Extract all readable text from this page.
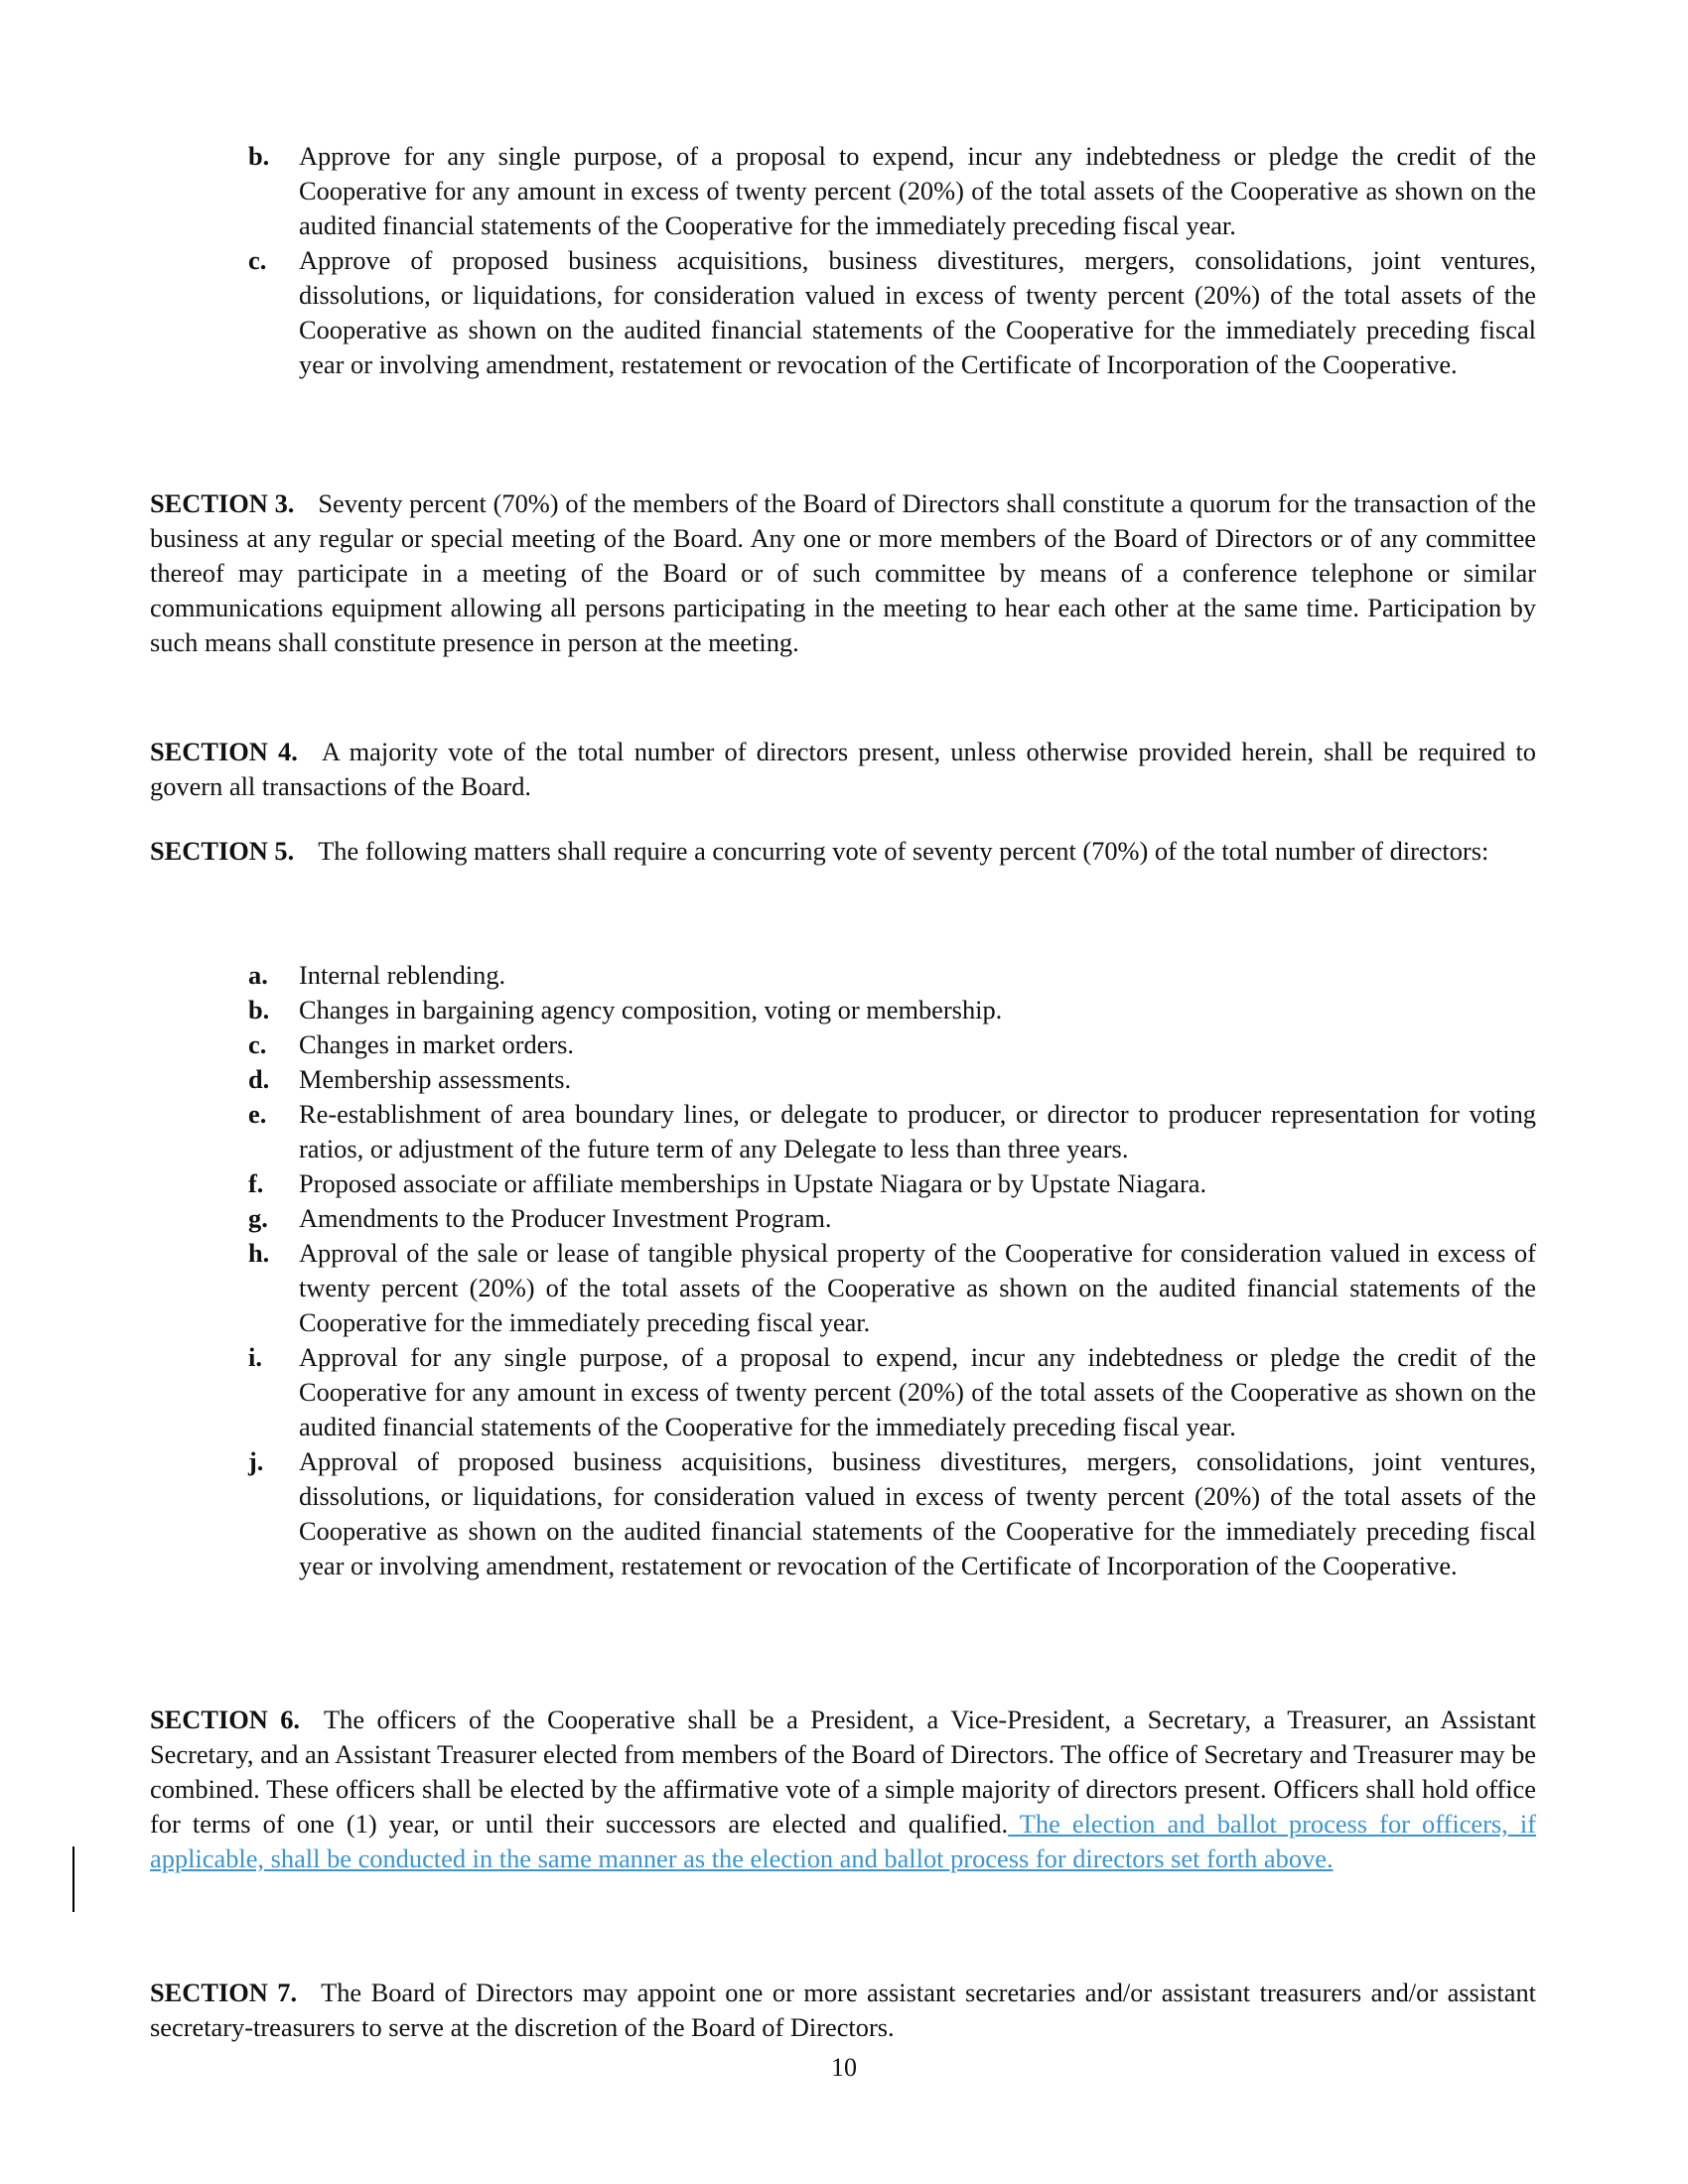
b. Approve for any single purpose, of a proposal to expend, incur any indebtedness or pledge the credit of the Cooperative for any amount in excess of twenty percent (20%) of the total assets of the Cooperative as shown on the audited financial statements of the Cooperative for the immediately preceding fiscal year.

c. Approve of proposed business acquisitions, business divestitures, mergers, consolidations, joint ventures, dissolutions, or liquidations, for consideration valued in excess of twenty percent (20%) of the total assets of the Cooperative as shown on the audited financial statements of the Cooperative for the immediately preceding fiscal year or involving amendment, restatement or revocation of the Certificate of Incorporation of the Cooperative.

SECTION 3. Seventy percent (70%) of the members of the Board of Directors shall constitute a quorum for the transaction of the business at any regular or special meeting of the Board. Any one or more members of the Board of Directors or of any committee thereof may participate in a meeting of the Board or of such committee by means of a conference telephone or similar communications equipment allowing all persons participating in the meeting to hear each other at the same time. Participation by such means shall constitute presence in person at the meeting.

SECTION 4. A majority vote of the total number of directors present, unless otherwise provided herein, shall be required to govern all transactions of the Board.

SECTION 5. The following matters shall require a concurring vote of seventy percent (70%) of the total number of directors:

a. Internal reblending.

b. Changes in bargaining agency composition, voting or membership.

c. Changes in market orders.

d. Membership assessments.

e. Re-establishment of area boundary lines, or delegate to producer, or director to producer representation for voting ratios, or adjustment of the future term of any Delegate to less than three years.

f. Proposed associate or affiliate memberships in Upstate Niagara or by Upstate Niagara.

g. Amendments to the Producer Investment Program.

h. Approval of the sale or lease of tangible physical property of the Cooperative for consideration valued in excess of twenty percent (20%) of the total assets of the Cooperative as shown on the audited financial statements of the Cooperative for the immediately preceding fiscal year.

i. Approval for any single purpose, of a proposal to expend, incur any indebtedness or pledge the credit of the Cooperative for any amount in excess of twenty percent (20%) of the total assets of the Cooperative as shown on the audited financial statements of the Cooperative for the immediately preceding fiscal year.

j. Approval of proposed business acquisitions, business divestitures, mergers, consolidations, joint ventures, dissolutions, or liquidations, for consideration valued in excess of twenty percent (20%) of the total assets of the Cooperative as shown on the audited financial statements of the Cooperative for the immediately preceding fiscal year or involving amendment, restatement or revocation of the Certificate of Incorporation of the Cooperative.

SECTION 6. The officers of the Cooperative shall be a President, a Vice-President, a Secretary, a Treasurer, an Assistant Secretary, and an Assistant Treasurer elected from members of the Board of Directors. The office of Secretary and Treasurer may be combined. These officers shall be elected by the affirmative vote of a simple majority of directors present. Officers shall hold office for terms of one (1) year, or until their successors are elected and qualified. The election and ballot process for officers, if applicable, shall be conducted in the same manner as the election and ballot process for directors set forth above.

SECTION 7. The Board of Directors may appoint one or more assistant secretaries and/or assistant treasurers and/or assistant secretary-treasurers to serve at the discretion of the Board of Directors.

10
